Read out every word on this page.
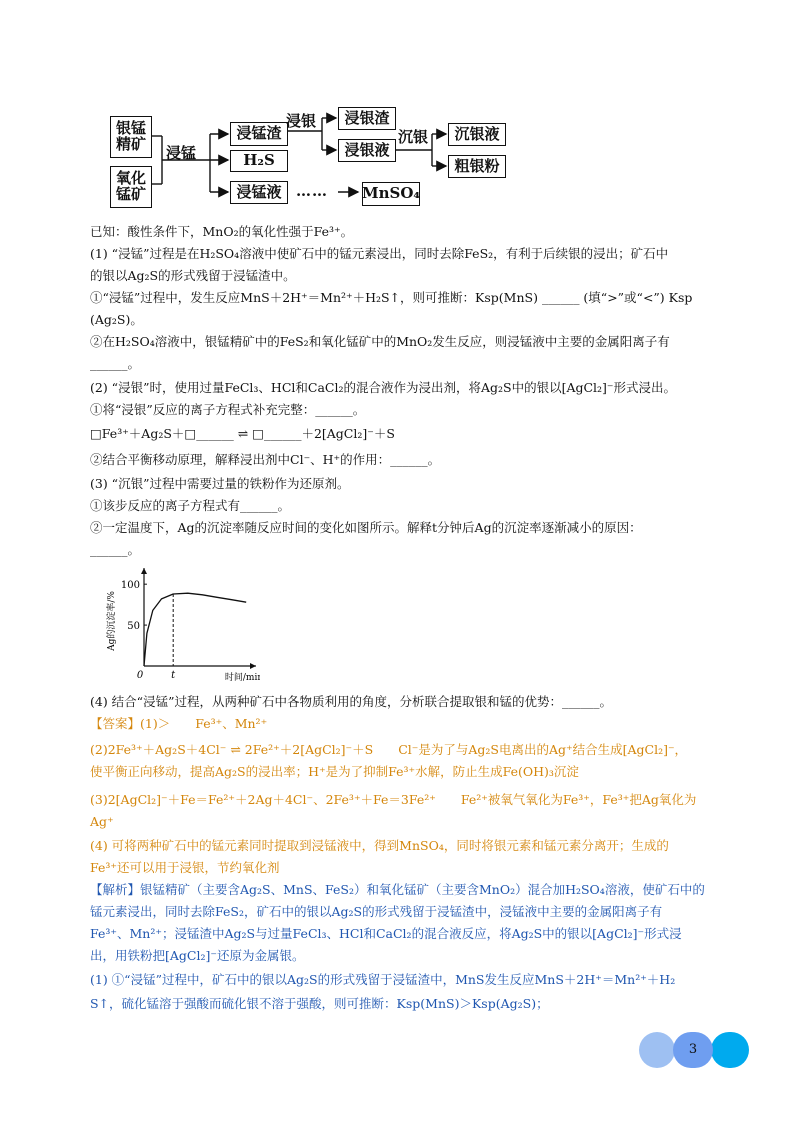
银锰精矿
氧化锰矿
浸锰
浸锰渣
H₂S
浸锰液 …… MnSO₄
浸银	浸银渣
浸银液
沉银	沉银液
粗银粉
已知：酸性条件下，MnO₂的氧化性强于Fe³⁺。
(1) “浸锰”过程是在H₂SO₄溶液中使矿石中的锰元素浸出，同时去除FeS₂，有利于后续银的浸出；矿石中
的银以Ag₂S的形式残留于浸锰渣中。
①“浸锰”过程中，发生反应MnS＋2H⁺＝Mn²⁺＋H₂S↑，则可推断：Ksp(MnS) ______ (填“>”或“<”) Ksp
(Ag₂S)。
②在H₂SO₄溶液中，银锰精矿中的FeS₂和氧化锰矿中的MnO₂发生反应，则浸锰液中主要的金属阳离子有
______。
(2) “浸银”时，使用过量FeCl₃、HCl和CaCl₂的混合液作为浸出剂，将Ag₂S中的银以[AgCl₂]⁻形式浸出。
①将“浸银”反应的离子方程式补充完整：______。
□Fe³⁺＋Ag₂S＋□______ ⇌ □______＋2[AgCl₂]⁻＋S
②结合平衡移动原理，解释浸出剂中Cl⁻、H⁺的作用：______。
(3) “沉银”过程中需要过量的铁粉作为还原剂。
①该步反应的离子方程式有______。
②一定温度下，Ag的沉淀率随反应时间的变化如图所示。解释t分钟后Ag的沉淀率逐渐减小的原因：
______。
100
50
0	t	时间/min
Ag的沉淀率/%
(4) 结合“浸锰”过程，从两种矿石中各物质利用的角度，分析联合提取银和锰的优势：______。
【答案】(1)＞　　Fe³⁺、Mn²⁺
(2)2Fe³⁺＋Ag₂S＋4Cl⁻ ⇌ 2Fe²⁺＋2[AgCl₂]⁻＋S　　Cl⁻是为了与Ag₂S电离出的Ag⁺结合生成[AgCl₂]⁻，
使平衡正向移动，提高Ag₂S的浸出率；H⁺是为了抑制Fe³⁺水解，防止生成Fe(OH)₃沉淀
(3)2[AgCl₂]⁻＋Fe＝Fe²⁺＋2Ag＋4Cl⁻、2Fe³⁺＋Fe＝3Fe²⁺　　Fe²⁺被氧气氧化为Fe³⁺，Fe³⁺把Ag氧化为
Ag⁺
(4) 可将两种矿石中的锰元素同时提取到浸锰液中，得到MnSO₄，同时将银元素和锰元素分离开；生成的
Fe³⁺还可以用于浸银，节约氧化剂
【解析】银锰精矿（主要含Ag₂S、MnS、FeS₂）和氧化锰矿（主要含MnO₂）混合加H₂SO₄溶液，使矿石中的
锰元素浸出，同时去除FeS₂，矿石中的银以Ag₂S的形式残留于浸锰渣中，浸锰液中主要的金属阳离子有
Fe³⁺、Mn²⁺；浸锰渣中Ag₂S与过量FeCl₃、HCl和CaCl₂的混合液反应，将Ag₂S中的银以[AgCl₂]⁻形式浸
出，用铁粉把[AgCl₂]⁻还原为金属银。
(1) ①“浸锰”过程中，矿石中的银以Ag₂S的形式残留于浸锰渣中，MnS发生反应MnS＋2H⁺＝Mn²⁺＋H₂
S↑，硫化锰溶于强酸而硫化银不溶于强酸，则可推断：Ksp(MnS)＞Ksp(Ag₂S)；
3
